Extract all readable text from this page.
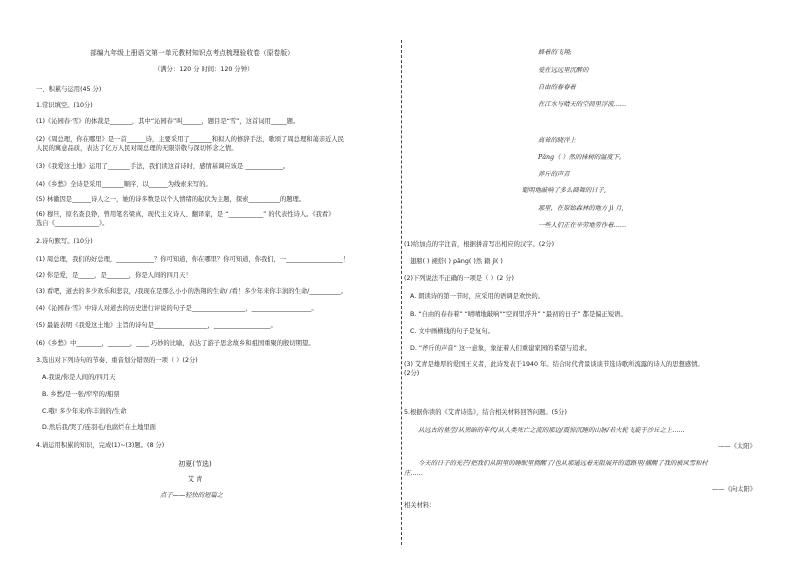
部编九年级上册语文第一单元教材知识点考点梳理验收卷（原卷版）
（满分：120 分 时间：120 分钟）
一、积累与运用(45 分)
1.常识填空。(10分)
(1)《沁园春·雪》的体裁是_______，其中“沁园春”叫______，题目是“雪”，这首词用_____题。
(2)《周总理，你在哪里》是一首______诗，主要采用了_______和拟人的修辞手法，歌颂了周总理和蔼亲近人民
人民的寓意品质，表达了亿万人民对周总理的无限崇敬与深切怀念之情。
(3)《我爱这土地》运用了_______手法，我们读这首诗时，感情基调应该是 ____________。
(4)《乡愁》全诗是采用_______顺序、以______为线索来写的。
(5) 林徽因是______诗人之一，她的诗多数是以个人情绪的起伏为主题，探索__________的题理。
(6) 穆旦，原名查良铮，曾用笔名梁真，现代主义诗人、翻译家，是 “___________” 的代表性诗人。《我看》
选自《______________》。
2.诗句默写。(10分)
(1) 周总理，我们的好总理，____________？你可知道，你在哪里？你可知道，你我们，一__________________！
(2) 你是爱，是_____，是_______，你是人间的四月天！
(3) 看吧，道去的多少欢乐和悲哀，/我现在是那么小小的浩翔的生命/ /看！多少年来你丰润的生命/__________。
(4)《沁园春·雪》中诗人对道去的历史进行评说的句子是_________________，___________________。
(5) 最能表明《我爱这土地》主旨的诗句是_________________，__________________。
(6)《乡愁》中________，_______，____ 巧妙的比喻，表达了游子思念故乡和祖国重聚的殷切期望。
3.选出对下列诗句的节奏、重音划分错误的一项（ ）(2分)
A.我说/你是人间的/四月天
B. 乡愁/是一张/窄窄的/船票
C.哦! 多少年来/你丰润的/生命
D.然后我/哭了/连羽毛/也腐烂在土地里面
4.请运用积累的知识，完成(1)~(3)题。(8 分)
初夏(节选)
艾 青
点子——轻快的短篇之
蜂着的飞翔;
爱在远远里沉醉的
自由的春春着
在江水与晴天的空间里浮流……
高耸的晓洋上
Pāng（ ）然的抹树的温度下。
斧斤的声音
聪明地敲响了多么圆舞的日子,
那里，在原始森林的地方 jì 月,
一些人们正在辛劳地劳作着……
(1)给加点的字注音，根据拼音写出相应的汉字。(2分)
翅膀( ) 褪搭( ) pāng( )然 籍 jì( )
(2)下列说法不正确的一项是（ ）(2 分)
A. 朗读诗的第一节时，应采用的语调是欢快的。
B. “自由的春春着” “晴晴地敲响”“空间里浮升” “最初的日子” 都是偏正短语。
C. 文中画横线的句子是复句。
D. “斧斤的声音” 这一意象，象征着人们重建家园的希望与追求。
(3) 艾青是雄厚的爱国王义者，此诗发表于1940 年。结合时代背景谈谈节选诗歌所流露的诗人的思想感情。
(2分)
5.根据你读的《艾青诗选》，结合相关材料回答问题。(5分)
从远古的墓茔/从黑暗的年代/从人类死亡之流的那边/震惊沉睡的山脉/若火轮飞旋于沙丘之上……
——《太阳》
今天的日子的光芒/把我们从阴里的睡眠里拥醒了/也从那遥远着无限展开的道路里/捕醒了我的被风雪和村
庄……
——《向太阳》
相关材料：
